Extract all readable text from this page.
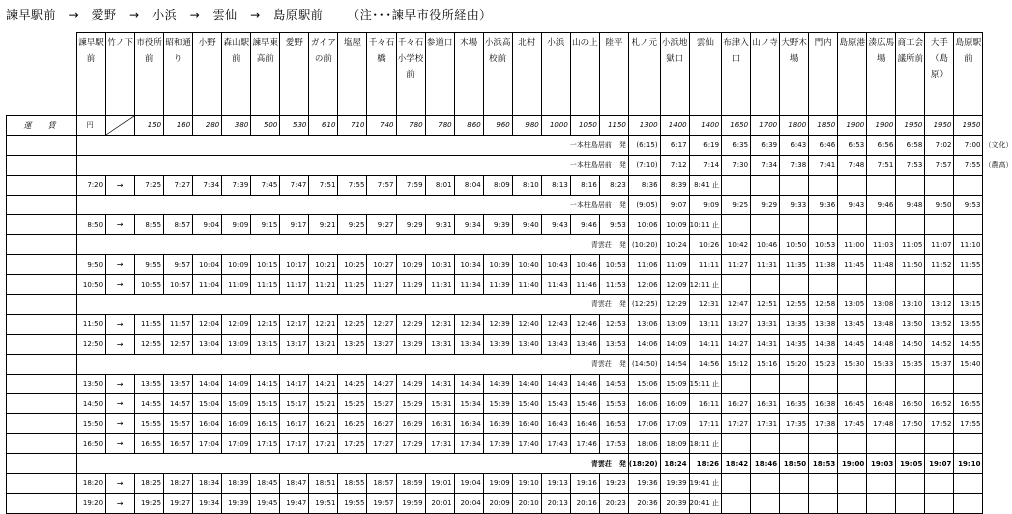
諫早駅前　→　愛野　→　小浜　→　雲仙　→　島原駅前 （注･･･諫早市役所経由）
	諫早駅前	竹ノ下	市役所前	昭和通り	小野	森山駅前	諫早東高前	愛野	ガイアの前	塩屋	千々石橋	千々石小学校前	参道口	木場	小浜高校前	北村	小浜	山の上	陸平	札ノ元	小浜地獄口	雲仙	布津入口	山ノ寺	大野木場	門内	島原港	湊広馬場	商工会議所前	大手（島原）	島原駅前
運　賃	円		150	160	280	380	500	530	610	710	740	780	780	860	960	980	1000	1050	1150	1300	1400	1400	1650	1700	1800	1850	1900	1900	1950	1950	1950
	一本柱島居前　発																			(6:15)	6:17	6:19	6:35	6:39	6:43	6:46	6:53	6:56	6:58	7:02	7:00 （文化）

	一本柱島居前　発																			(7:10)	7:12	7:14	7:30	7:34	7:38	7:41	7:48	7:51	7:53	7:57	7:55 （農高）

	7:20	→	7:25	7:27	7:34	7:39	7:45	7:47	7:51	7:55	7:57	7:59	8:01	8:04	8:09	8:10	8:13	8:16	8:23	8:36	8:39	8:41 止									
	一本柱島居前　発																			(9:05)	9:07	9:09	9:25	9:29	9:33	9:36	9:43	9:46	9:48	9:50	9:53
	8:50	→	8:55	8:57	9:04	9:09	9:15	9:17	9:21	9:25	9:27	9:29	9:31	9:34	9:39	9:40	9:43	9:46	9:53	10:06	10:09	10:11 止									
	青雲荘　発																			(10:20)	10:24	10:26	10:42	10:46	10:50	10:53	11:00	11:03	11:05	11:07	11:10
	9:50	→	9:55	9:57	10:04	10:09	10:15	10:17	10:21	10:25	10:27	10:29	10:31	10:34	10:39	10:40	10:43	10:46	10:53	11:06	11:09	11:11	11:27	11:31	11:35	11:38	11:45	11:48	11:50	11:52	11:55
	10:50	→	10:55	10:57	11:04	11:09	11:15	11:17	11:21	11:25	11:27	11:29	11:31	11:34	11:39	11:40	11:43	11:46	11:53	12:06	12:09	12:11 止									
	青雲荘　発																			(12:25)	12:29	12:31	12:47	12:51	12:55	12:58	13:05	13:08	13:10	13:12	13:15
	11:50	→	11:55	11:57	12:04	12:09	12:15	12:17	12:21	12:25	12:27	12:29	12:31	12:34	12:39	12:40	12:43	12:46	12:53	13:06	13:09	13:11	13:27	13:31	13:35	13:38	13:45	13:48	13:50	13:52	13:55
	12:50	→	12:55	12:57	13:04	13:09	13:15	13:17	13:21	13:25	13:27	13:29	13:31	13:34	13:39	13:40	13:43	13:46	13:53	14:06	14:09	14:11	14:27	14:31	14:35	14:38	14:45	14:48	14:50	14:52	14:55
	青雲荘　発																			(14:50)	14:54	14:56	15:12	15:16	15:20	15:23	15:30	15:33	15:35	15:37	15:40
	13:50	→	13:55	13:57	14:04	14:09	14:15	14:17	14:21	14:25	14:27	14:29	14:31	14:34	14:39	14:40	14:43	14:46	14:53	15:06	15:09	15:11 止									
	14:50	→	14:55	14:57	15:04	15:09	15:15	15:17	15:21	15:25	15:27	15:29	15:31	15:34	15:39	15:40	15:43	15:46	15:53	16:06	16:09	16:11	16:27	16:31	16:35	16:38	16:45	16:48	16:50	16:52	16:55
	15:50	→	15:55	15:57	16:04	16:09	16:15	16:17	16:21	16:25	16:27	16:29	16:31	16:34	16:39	16:40	16:43	16:46	16:53	17:06	17:09	17:11	17:27	17:31	17:35	17:38	17:45	17:48	17:50	17:52	17:55
	16:50	→	16:55	16:57	17:04	17:09	17:15	17:17	17:21	17:25	17:27	17:29	17:31	17:34	17:39	17:40	17:43	17:46	17:53	18:06	18:09	18:11 止									
	青雲荘　発																			(18:20)	18:24	18:26	18:42	18:46	18:50	18:53	19:00	19:03	19:05	19:07	19:10
	18:20	→	18:25	18:27	18:34	18:39	18:45	18:47	18:51	18:55	18:57	18:59	19:01	19:04	19:09	19:10	19:13	19:16	19:23	19:36	19:39	19:41 止									
	19:20	→	19:25	19:27	19:34	19:39	19:45	19:47	19:51	19:55	19:57	19:59	20:01	20:04	20:09	20:10	20:13	20:16	20:23	20:36	20:39	20:41 止									
